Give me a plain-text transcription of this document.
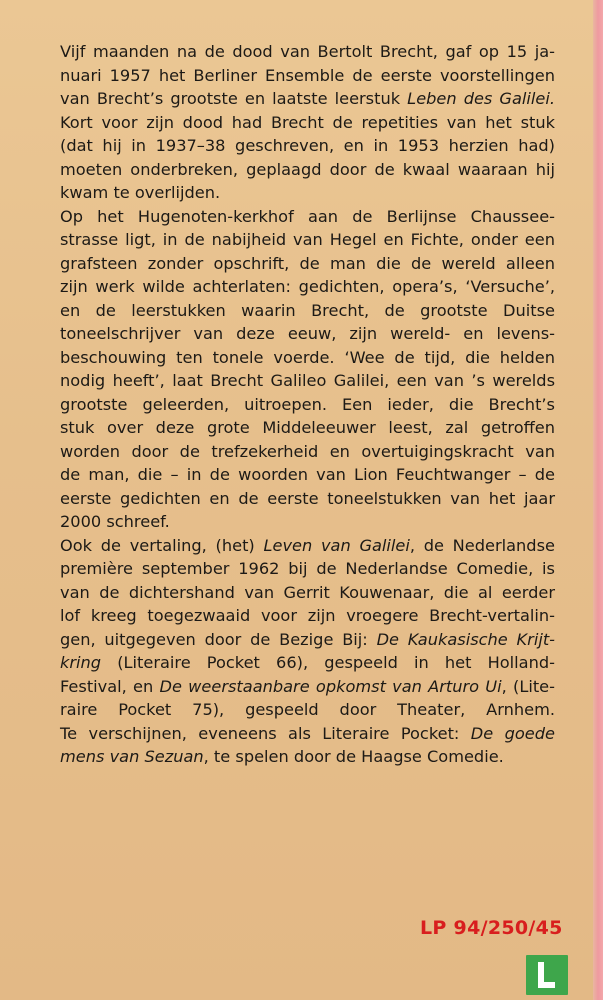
Vijf maanden na de dood van Bertolt Brecht, gaf op 15 ja-

nuari 1957 het Berliner Ensemble de eerste voorstellingen

van Brecht’s grootste en laatste leerstuk Leben des Galilei.

Kort voor zijn dood had Brecht de repetities van het stuk

(dat hij in 1937–38 geschreven, en in 1953 herzien had)

moeten onderbreken, geplaagd door de kwaal waaraan hij

kwam te overlijden.

Op het Hugenoten-kerkhof aan de Berlijnse Chaussee-

strasse ligt, in de nabijheid van Hegel en Fichte, onder een

grafsteen zonder opschrift, de man die de wereld alleen

zijn werk wilde achterlaten: gedichten, opera’s, ‘Versuche’,

en de leerstukken waarin Brecht, de grootste Duitse

toneelschrijver van deze eeuw, zijn wereld- en levens-

beschouwing ten tonele voerde. ‘Wee de tijd, die helden

nodig heeft’, laat Brecht Galileo Galilei, een van ’s werelds

grootste geleerden, uitroepen. Een ieder, die Brecht’s

stuk over deze grote Middeleeuwer leest, zal getroffen

worden door de trefzekerheid en overtuigingskracht van

de man, die – in de woorden van Lion Feuchtwanger – de

eerste gedichten en de eerste toneelstukken van het jaar

2000 schreef.

Ook de vertaling, (het) Leven van Galilei, de Nederlandse

première september 1962 bij de Nederlandse Comedie, is

van de dichtershand van Gerrit Kouwenaar, die al eerder

lof kreeg toegezwaaid voor zijn vroegere Brecht-vertalin-

gen, uitgegeven door de Bezige Bij: De Kaukasische Krijt-

kring (Literaire Pocket 66), gespeeld in het Holland-

Festival, en De weerstaanbare opkomst van Arturo Ui, (Lite-

raire Pocket 75), gespeeld door Theater, Arnhem.

Te verschijnen, eveneens als Literaire Pocket: De goede

mens van Sezuan, te spelen door de Haagse Comedie.

LP 94/250/45
